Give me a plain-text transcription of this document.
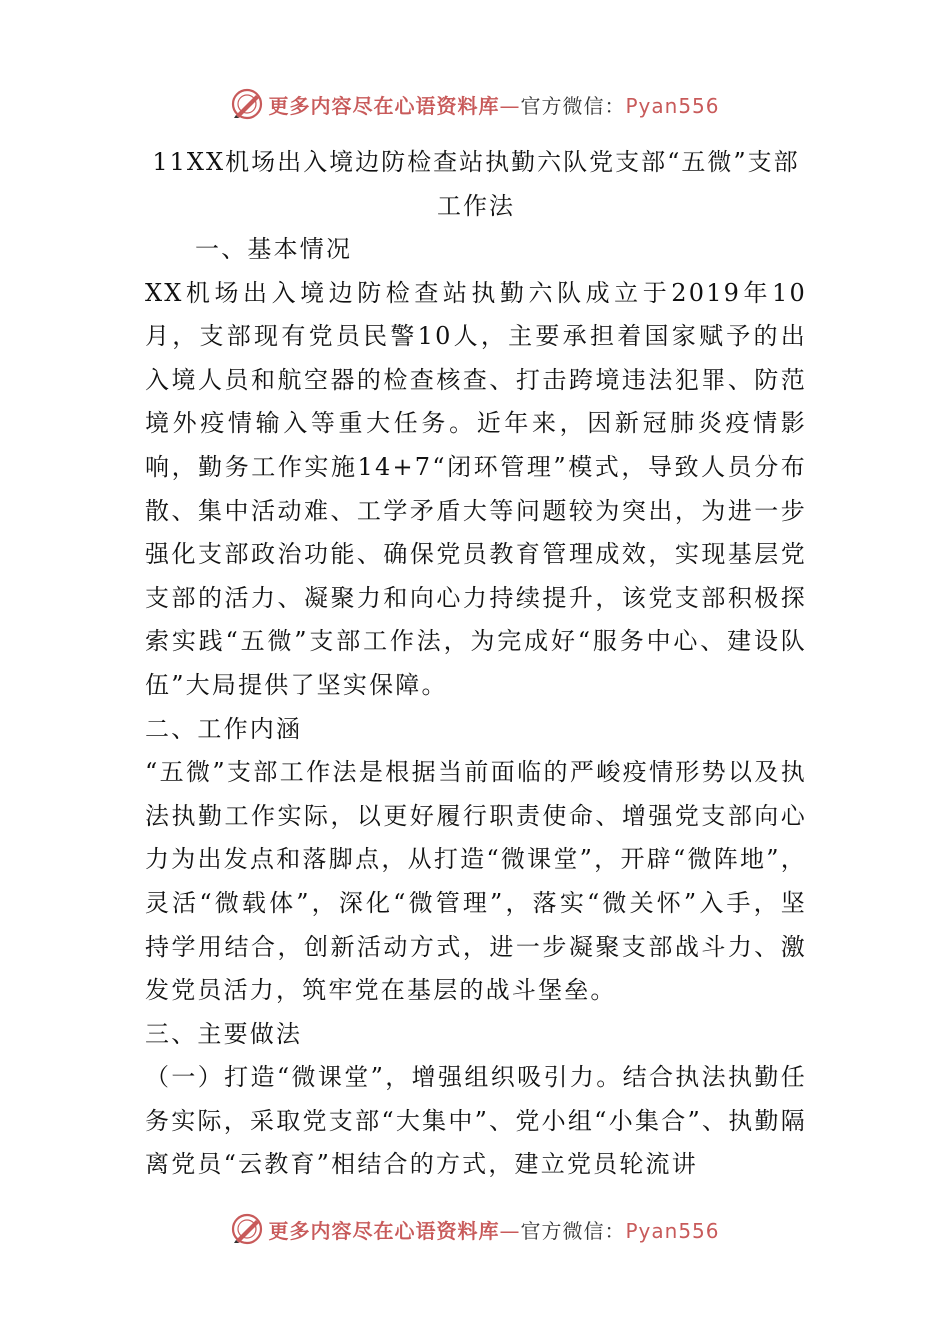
更多内容尽在心语资料库—官方微信：Pyan556
11XX机场出入境边防检查站执勤六队党支部“五微”支部
工作法

一、基本情况

XX机场出入境边防检查站执勤六队成立于2019年10月，支部现有党员民警10人，主要承担着国家赋予的出入境人员和航空器的检查核查、打击跨境违法犯罪、防范境外疫情输入等重大任务。近年来，因新冠肺炎疫情影响，勤务工作实施14+7“闭环管理”模式，导致人员分布散、集中活动难、工学矛盾大等问题较为突出，为进一步强化支部政治功能、确保党员教育管理成效，实现基层党支部的活力、凝聚力和向心力持续提升，该党支部积极探索实践“五微”支部工作法，为完成好“服务中心、建设队伍”大局提供了坚实保障。

二、工作内涵

“五微”支部工作法是根据当前面临的严峻疫情形势以及执法执勤工作实际，以更好履行职责使命、增强党支部向心力为出发点和落脚点，从打造“微课堂”，开辟“微阵地”，灵活“微载体”，深化“微管理”，落实“微关怀”入手，坚持学用结合，创新活动方式，进一步凝聚支部战斗力、激发党员活力，筑牢党在基层的战斗堡垒。

三、主要做法

（一）打造“微课堂”，增强组织吸引力。结合执法执勤任务实际，采取党支部“大集中”、党小组“小集合”、执勤隔离党员“云教育”相结合的方式，建立党员轮流讲

更多内容尽在心语资料库—官方微信：Pyan556
